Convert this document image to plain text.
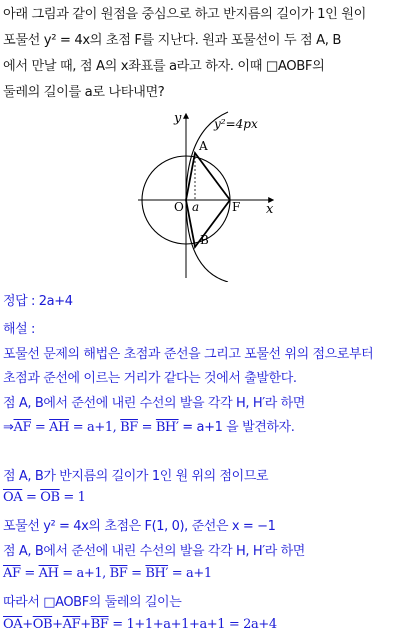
아래 그림과 같이 원점을 중심으로 하고 반지름의 길이가 1인 원이
포물선 y² = 4x의 초점 F를 지난다. 원과 포물선이 두 점 A, B
에서 만날 때, 점 A의 x좌표를 a라고 하자. 이때 □AOBF의
둘레의 길이를 a로 나타내면?
y²=4px
x
y
A
B
O a	F
정답 : 2a+4
해설 :
포물선 문제의 해법은 초점과 준선을 그리고 포물선 위의 점으로부터
초점과 준선에 이르는 거리가 같다는 것에서 출발한다.
점 A, B에서 준선에 내린 수선의 발을 각각 H, H′라 하면
$\Rightarrow\overline{AF} = \overline{AH} = a+1$, $\overline{BF} = BH' = a+1$ 을 발견하자.
점 A, B가 반지름의 길이가 1인 원 위의 점이므로
$\overline{OA} = \overline{OB} = 1$
포물선 y² = 4x의 초점은 F(1, 0), 준선은 x = −1
점 A, B에서 준선에 내린 수선의 발을 각각 H, H′라 하면
$\overline{AF} = \overline{AH} = a+1$, $\overline{BF} = BH' = a+1$
따라서 □AOBF의 둘레의 길이는
$\overline{OA}+\overline{OB}+\overline{AF}+\overline{BF} = 1+1+a+1+a+1 = 2a+4$
